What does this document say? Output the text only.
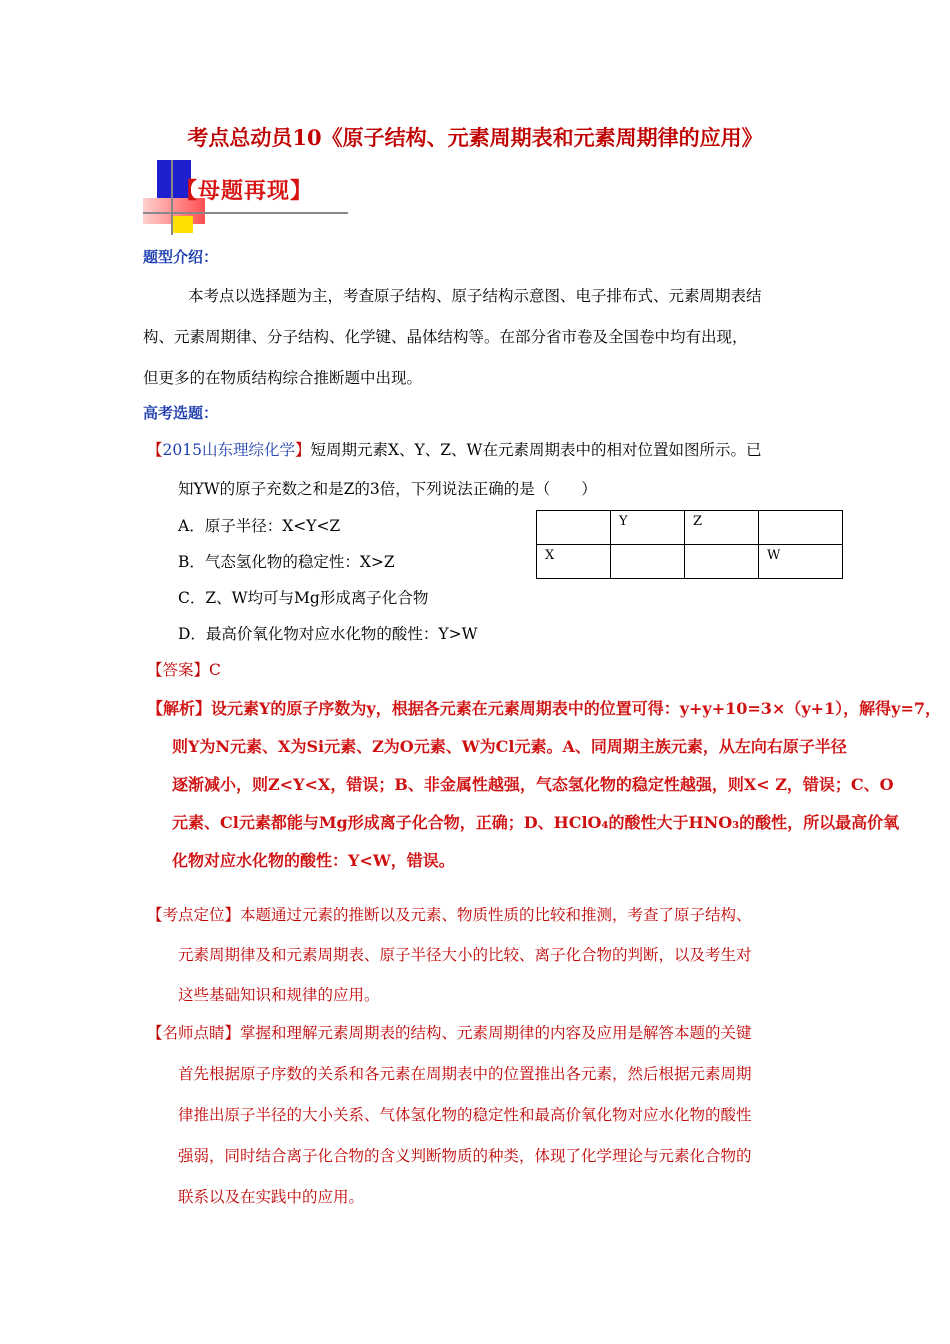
考点总动员10《原子结构、元素周期表和元素周期律的应用》
【母题再现】
题型介绍：
本考点以选择题为主，考查原子结构、原子结构示意图、电子排布式、元素周期表结
构、元素周期律、分子结构、化学键、晶体结构等。在部分省市卷及全国卷中均有出现，
但更多的在物质结构综合推断题中出现。
高考选题：
【2015山东理综化学】短周期元素X、Y、Z、W在元素周期表中的相对位置如图所示。已
知YW的原子充数之和是Z的3倍，下列说法正确的是（　　）
A．原子半径：X<Y<Z
B．气态氢化物的稳定性：X>Z
C．Z、W均可与Mg形成离子化合物
D．最高价氧化物对应水化物的酸性：Y>W
	Y	Z	
X			W
【答案】C
【解析】设元素Y的原子序数为y，根据各元素在元素周期表中的位置可得：y+y+10=3×（y+1），解得y=7，
则Y为N元素、X为Si元素、Z为O元素、W为Cl元素。A、同周期主族元素，从左向右原子半径
逐渐减小，则Z<Y<X，错误；B、非金属性越强，气态氢化物的稳定性越强，则X< Z，错误；C、O
元素、Cl元素都能与Mg形成离子化合物，正确；D、HClO₄的酸性大于HNO₃的酸性，所以最高价氧
化物对应水化物的酸性：Y<W，错误。
【考点定位】本题通过元素的推断以及元素、物质性质的比较和推测，考查了原子结构、
元素周期律及和元素周期表、原子半径大小的比较、离子化合物的判断，以及考生对
这些基础知识和规律的应用。
【名师点睛】掌握和理解元素周期表的结构、元素周期律的内容及应用是解答本题的关键
首先根据原子序数的关系和各元素在周期表中的位置推出各元素，然后根据元素周期
律推出原子半径的大小关系、气体氢化物的稳定性和最高价氧化物对应水化物的酸性
强弱，同时结合离子化合物的含义判断物质的种类，体现了化学理论与元素化合物的
联系以及在实践中的应用。
